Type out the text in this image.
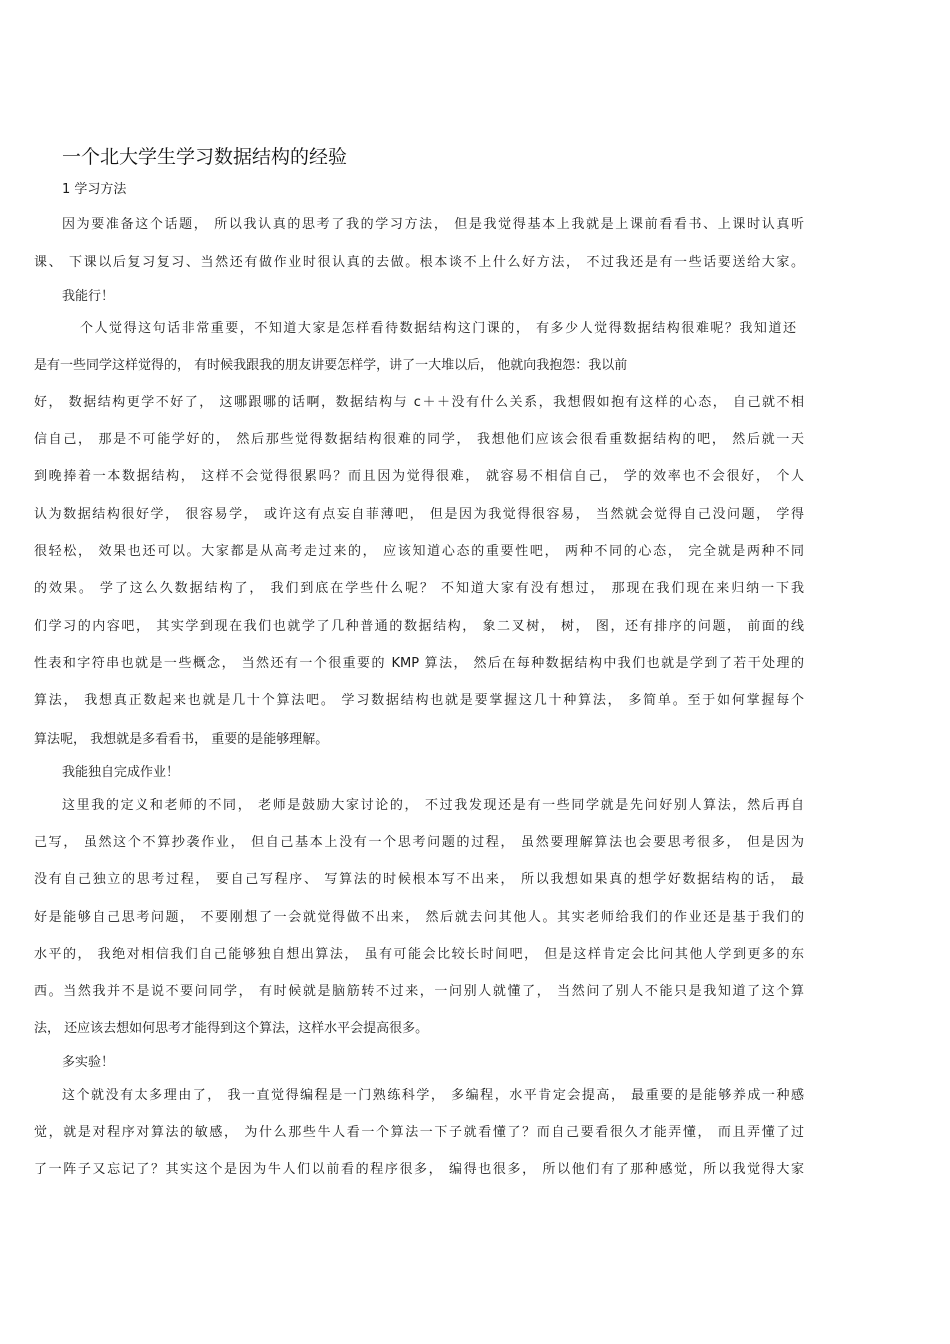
一个北大学生学习数据结构的经验
1 学习方法
因为要准备这个话题， 所以我认真的思考了我的学习方法， 但是我觉得基本上我就是上课前看看书、上课时认真听
课、 下课以后复习复习、当然还有做作业时很认真的去做。根本谈不上什么好方法， 不过我还是有一些话要送给大家。
我能行！
个人觉得这句话非常重要，不知道大家是怎样看待数据结构这门课的， 有多少人觉得数据结构很难呢？我知道还
是有一些同学这样觉得的， 有时候我跟我的朋友讲要怎样学，讲了一大堆以后， 他就向我抱怨：我以前
好， 数据结构更学不好了， 这哪跟哪的话啊，数据结构与 c＋＋没有什么关系，我想假如抱有这样的心态， 自己就不相
信自己， 那是不可能学好的， 然后那些觉得数据结构很难的同学， 我想他们应该会很看重数据结构的吧， 然后就一天
到晚捧着一本数据结构， 这样不会觉得很累吗？而且因为觉得很难， 就容易不相信自己， 学的效率也不会很好， 个人
认为数据结构很好学， 很容易学， 或许这有点妄自菲薄吧， 但是因为我觉得很容易， 当然就会觉得自己没问题， 学得
很轻松， 效果也还可以。大家都是从高考走过来的， 应该知道心态的重要性吧， 两种不同的心态， 完全就是两种不同
的效果。 学了这么久数据结构了， 我们到底在学些什么呢？ 不知道大家有没有想过， 那现在我们现在来归纳一下我
们学习的内容吧， 其实学到现在我们也就学了几种普通的数据结构， 象二叉树， 树， 图，还有排序的问题， 前面的线
性表和字符串也就是一些概念， 当然还有一个很重要的 KMP 算法， 然后在每种数据结构中我们也就是学到了若干处理的
算法， 我想真正数起来也就是几十个算法吧。 学习数据结构也就是要掌握这几十种算法， 多简单。至于如何掌握每个
算法呢， 我想就是多看看书， 重要的是能够理解。
我能独自完成作业！
这里我的定义和老师的不同， 老师是鼓励大家讨论的， 不过我发现还是有一些同学就是先问好别人算法，然后再自
己写， 虽然这个不算抄袭作业， 但自己基本上没有一个思考问题的过程， 虽然要理解算法也会要思考很多， 但是因为
没有自己独立的思考过程， 要自己写程序、 写算法的时候根本写不出来， 所以我想如果真的想学好数据结构的话， 最
好是能够自己思考问题， 不要刚想了一会就觉得做不出来， 然后就去问其他人。其实老师给我们的作业还是基于我们的
水平的， 我绝对相信我们自己能够独自想出算法， 虽有可能会比较长时间吧， 但是这样肯定会比问其他人学到更多的东
西。当然我并不是说不要问同学， 有时候就是脑筋转不过来，一问别人就懂了， 当然问了别人不能只是我知道了这个算
法， 还应该去想如何思考才能得到这个算法，这样水平会提高很多。
多实验！
这个就没有太多理由了， 我一直觉得编程是一门熟练科学， 多编程，水平肯定会提高， 最重要的是能够养成一种感
觉，就是对程序对算法的敏感， 为什么那些牛人看一个算法一下子就看懂了？而自己要看很久才能弄懂， 而且弄懂了过
了一阵子又忘记了？其实这个是因为牛人们以前看的程序很多， 编得也很多， 所以他们有了那种感觉，所以我觉得大家
